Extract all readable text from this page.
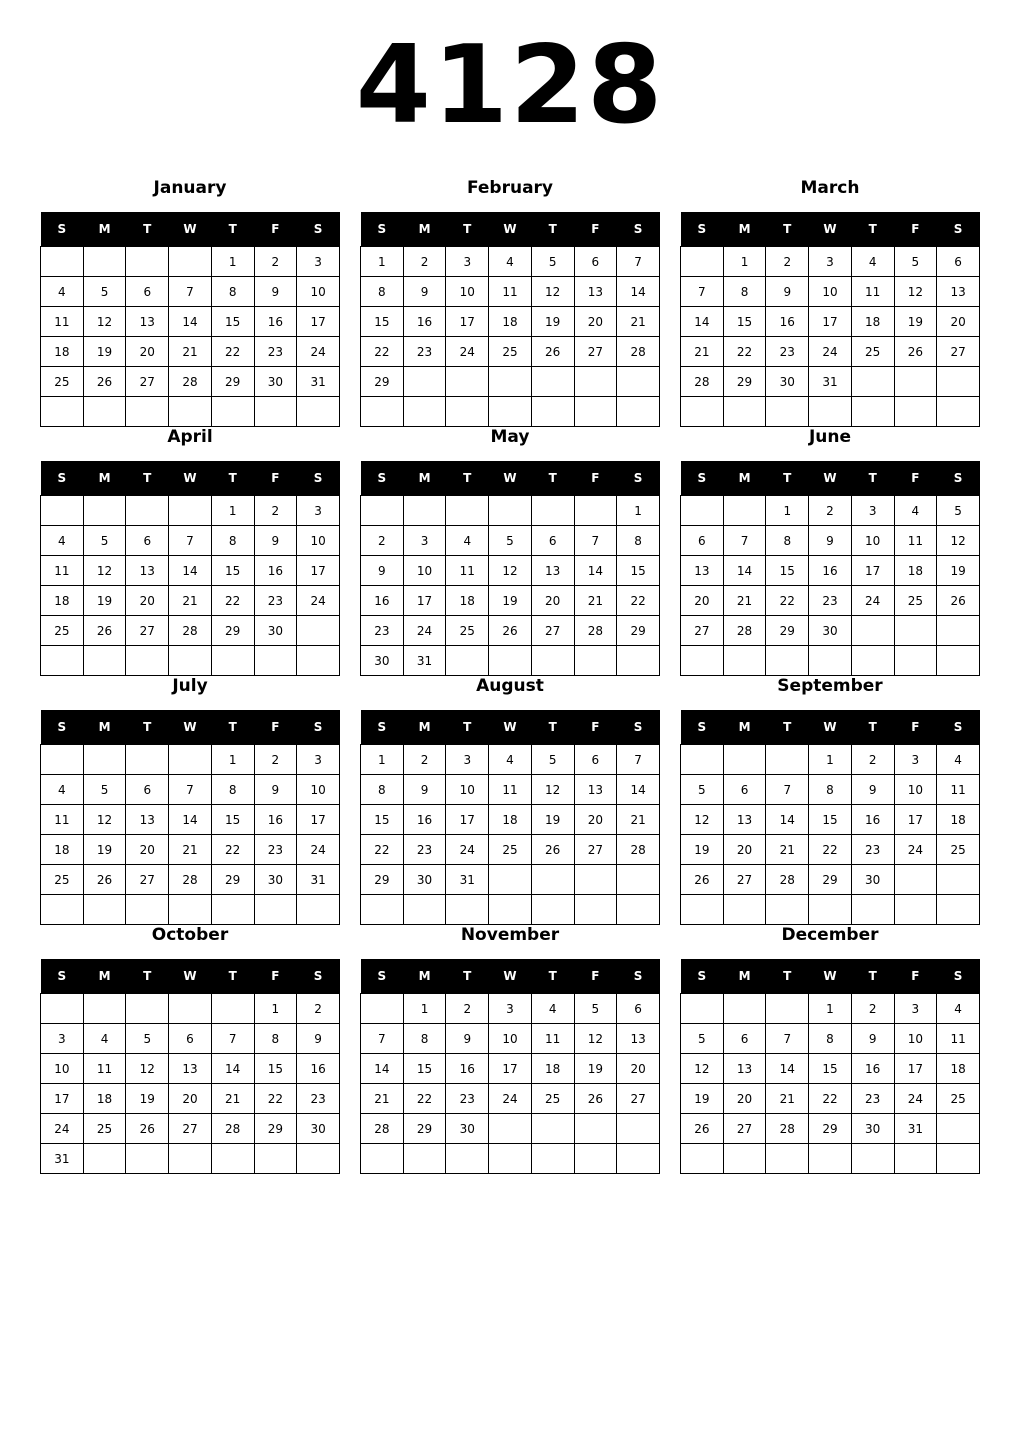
4128
January
S	M	T	W	T	F	S
				1	2	3
4	5	6	7	8	9	10
11	12	13	14	15	16	17
18	19	20	21	22	23	24
25	26	27	28	29	30	31

February
S	M	T	W	T	F	S
1	2	3	4	5	6	7
8	9	10	11	12	13	14
15	16	17	18	19	20	21
22	23	24	25	26	27	28
29						

March
S	M	T	W	T	F	S
	1	2	3	4	5	6
7	8	9	10	11	12	13
14	15	16	17	18	19	20
21	22	23	24	25	26	27
28	29	30	31			

April
S	M	T	W	T	F	S
				1	2	3
4	5	6	7	8	9	10
11	12	13	14	15	16	17
18	19	20	21	22	23	24
25	26	27	28	29	30	

May
S	M	T	W	T	F	S
						1
2	3	4	5	6	7	8
9	10	11	12	13	14	15
16	17	18	19	20	21	22
23	24	25	26	27	28	29
30	31					
June
S	M	T	W	T	F	S
		1	2	3	4	5
6	7	8	9	10	11	12
13	14	15	16	17	18	19
20	21	22	23	24	25	26
27	28	29	30			

July
S	M	T	W	T	F	S
				1	2	3
4	5	6	7	8	9	10
11	12	13	14	15	16	17
18	19	20	21	22	23	24
25	26	27	28	29	30	31

August
S	M	T	W	T	F	S
1	2	3	4	5	6	7
8	9	10	11	12	13	14
15	16	17	18	19	20	21
22	23	24	25	26	27	28
29	30	31				

September
S	M	T	W	T	F	S
			1	2	3	4
5	6	7	8	9	10	11
12	13	14	15	16	17	18
19	20	21	22	23	24	25
26	27	28	29	30		

October
S	M	T	W	T	F	S
					1	2
3	4	5	6	7	8	9
10	11	12	13	14	15	16
17	18	19	20	21	22	23
24	25	26	27	28	29	30
31						
November
S	M	T	W	T	F	S
	1	2	3	4	5	6
7	8	9	10	11	12	13
14	15	16	17	18	19	20
21	22	23	24	25	26	27
28	29	30				

December
S	M	T	W	T	F	S
			1	2	3	4
5	6	7	8	9	10	11
12	13	14	15	16	17	18
19	20	21	22	23	24	25
26	27	28	29	30	31	
